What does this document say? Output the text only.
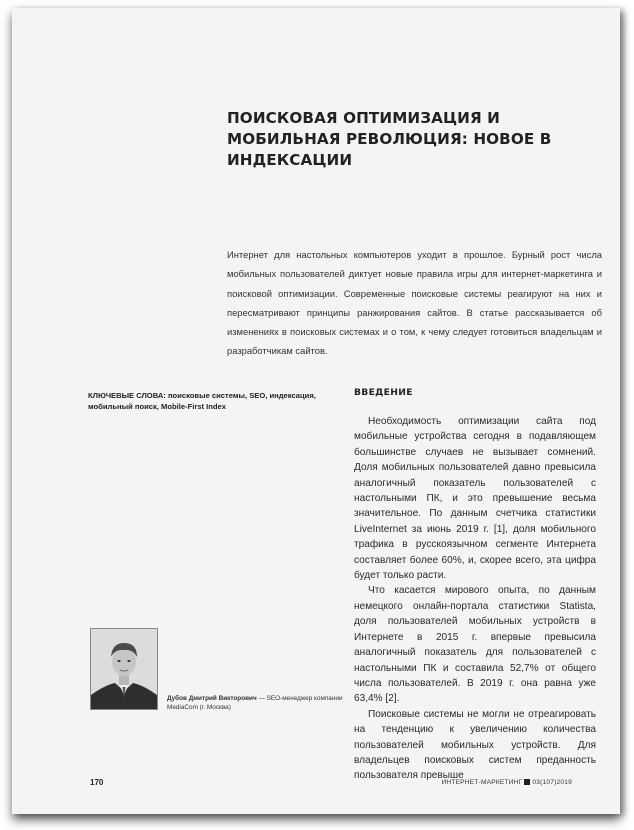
ПОИСКОВАЯ ОПТИМИЗАЦИЯ И МОБИЛЬНАЯ РЕВОЛЮЦИЯ: НОВОЕ В ИНДЕКСАЦИИ
Интернет для настольных компьютеров уходит в прошлое. Бурный рост числа мобильных пользователей диктует новые правила игры для интернет-маркетинга и поисковой оптимизации. Современные поисковые системы реагируют на них и пересматривают принципы ранжирования сайтов. В статье рассказывается об изменениях в поисковых системах и о том, к чему следует готовиться владельцам и разработчикам сайтов.
КЛЮЧЕВЫЕ СЛОВА: поисковые системы, SEO, индексация, мобильный поиск, Mobile-First Index
ВВЕДЕНИЕ

Необходимость оптимизации сайта под мобильные устройства сегодня в подавляющем большинстве случаев не вызывает сомнений. Доля мобильных пользователей давно превысила аналогичный показатель пользователей с настольными ПК, и это превышение весьма значительное. По данным счетчика статистики LiveInternet за июнь 2019 г. [1], доля мобильного трафика в русскоязычном сегменте Интернета составляет более 60%, и, скорее всего, эта цифра будет только расти.

Что касается мирового опыта, по данным немецкого онлайн-портала статистики Statista, доля пользователей мобильных устройств в Интернете в 2015 г. впервые превысила аналогичный показатель для пользователей с настольными ПК и составила 52,7% от общего числа пользователей. В 2019 г. она равна уже 63,4% [2].

Поисковые системы не могли не отреагировать на тенденцию к увеличению количества пользователей мобильных устройств. Для владельцев поисковых систем преданность пользователя превыше

Дубов Дмитрий Викторович — SEO-менеджер компании MediaCom (г. Москва)
170	ИНТЕРНЕТ-МАРКЕТИНГ 03(107)2019
